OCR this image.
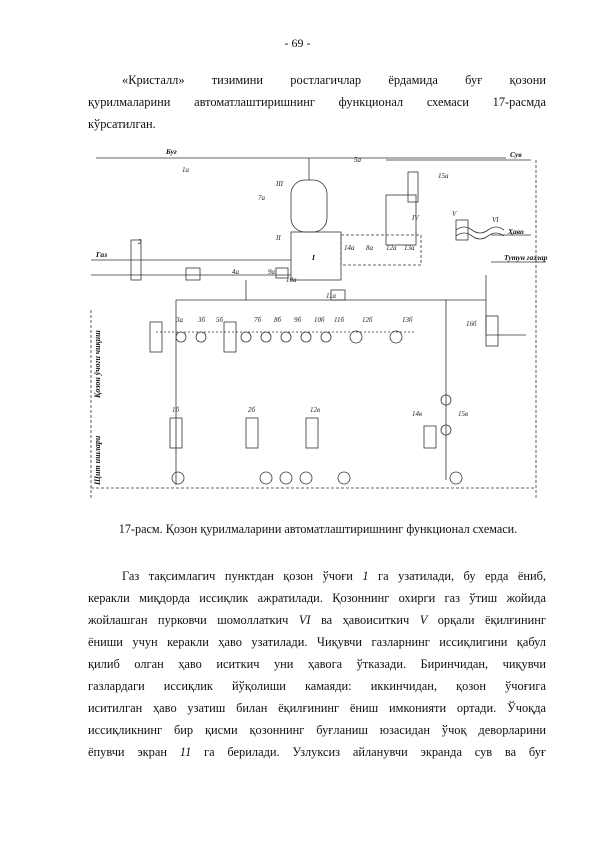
- 69 -
«Кристалл» тизимини ростлагичлар ёрдамида буғ қозони
қурилмаларини автоматлаштиришнинг функционал схемаси 17-расмда
кўрсатилган.
I
Буғ	Сув
Ҳаво
Тутун газлар
Газ
Қозон ўчоги чиқиш
Щит ишлари
1а
2
5а
15а
7а
III
II
VI
V
IV
14а 8а 12а 13а
11а
9а
10а
4а
3а 3б 5б	7б 8б 9б 10б 11б	12б	13б	16б
1б	2б	12в	14в	15в
17-расм. Қозон қурилмаларини автоматлаштиришнинг функционал схемаси.
Газ тақсимлагич пунктдан қозон ўчоғи 1 га узатилади, бу ерда ёниб,
керакли миқдорда иссиқлик ажратилади. Қозоннинг охирги газ ўтиш жойида
жойлашган пурковчи шомоллаткич VI ва ҳавоиситкич V орқали ёқилғининг
ёниши учун керакли ҳаво узатилади. Чиқувчи газларнинг иссиқлигини қабул
қилиб олган ҳаво иситкич уни ҳавога ўтказади. Биринчидан, чиқувчи
газлардаги иссиқлик йўқолиши камаяди: иккинчидан, қозон ўчоғига
иситилган ҳаво узатиш билан ёқилғининг ёниш имконияти ортади. Ўчоқда
иссиқликнинг бир қисми қозоннинг буғланиш юзасидан ўчоқ деворларини
ёпувчи экран 11 га берилади. Узлуксиз айланувчи экранда сув ва буғ
